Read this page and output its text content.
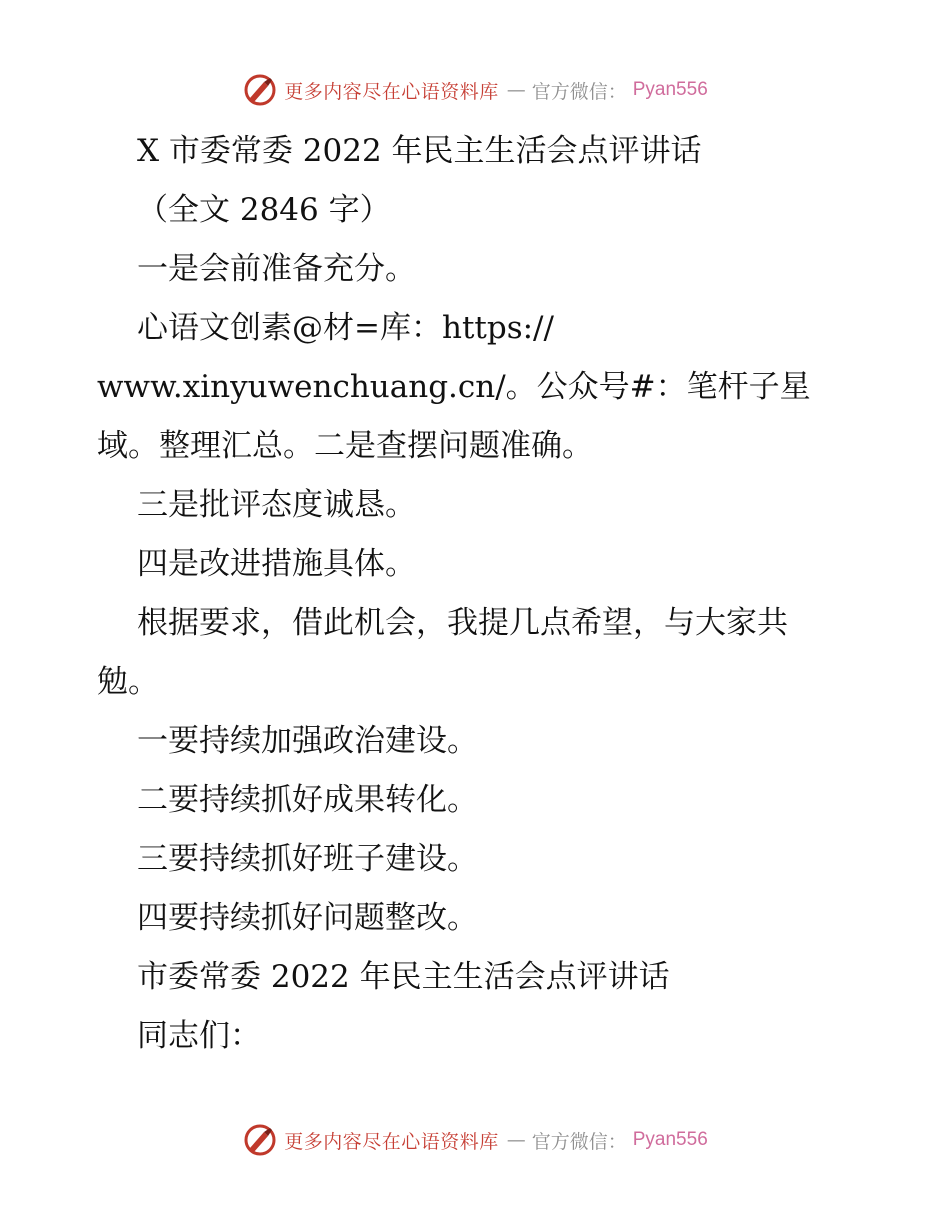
更多内容尽在心语资料库 — 官方微信： Pyan556

X 市委常委 2022 年民主生活会点评讲话

（全文 2846 字）

一是会前准备充分。

心语文创素@材=库：https://

www.xinyuwenchuang.cn/。公众号#：笔杆子星
域。整理汇总。二是查摆问题准确。

三是批评态度诚恳。

四是改进措施具体。

根据要求，借此机会，我提几点希望，与大家共

勉。

一要持续加强政治建设。

二要持续抓好成果转化。

三要持续抓好班子建设。

四要持续抓好问题整改。

市委常委 2022 年民主生活会点评讲话

同志们：

更多内容尽在心语资料库 — 官方微信： Pyan556
